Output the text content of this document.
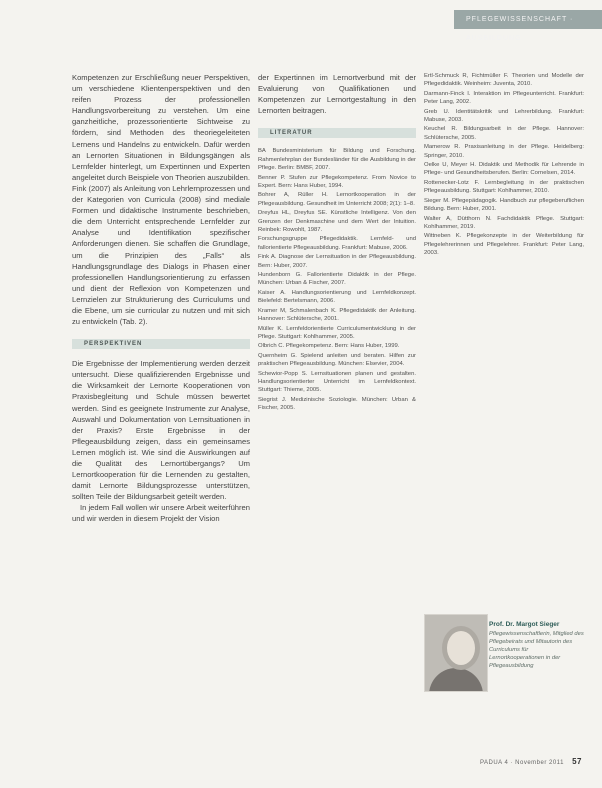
PFLEGEWISSENSCHAFT · AUSBILDUNG

Kompetenzen zur Erschließung neuer Perspektiven, um verschiedene Klientenperspektiven und den reifen Prozess der professionellen Handlungsvorbereitung zu verstehen. Um eine ganzheitliche, prozessorientierte Sichtweise zu fördern, sind Methoden des theoriegeleiteten Lernens und Handelns zu entwickeln. Dafür werden an Lernorten Situationen in Bildungsgängen als Lernfelder hinterlegt, um Expertinnen und Experten angeleitet durch Beispiele von Theorien auszubilden. Fink (2007) als Anleitung von Lehrlernprozessen und der Kategorien von Curricula (2008) sind mediale Formen und didaktische Instrumente beschrieben, die dem Unterricht entsprechende Lernfelder zur Analyse und Identifikation spezifischer Anforderungen dienen. Sie schaffen die Grundlage, um die Prinzipien des „Falls“ als Handlungsgrundlage des Dialogs in Phasen einer professionellen Handlungsorientierung zu erfassen und dient der Reflexion von Kompetenzen und Lernzielen zur Strukturierung des Curriculums und die Ebene, um sie curricular zu nutzen und mit sich zu entwickeln (Tab. 2).

PERSPEKTIVEN

Die Ergebnisse der Implementierung werden derzeit untersucht. Diese qualifizierenden Ergebnisse und die Wirksamkeit der Lernorte Kooperationen von Praxisbegleitung und Schule müssen bewertet werden. Sind es geeignete Instrumente zur Analyse, Auswahl und Dokumentation von Lernsituationen in der Praxis? Erste Ergebnisse in der Pflegeausbildung zeigen, dass ein gemeinsames Lernen möglich ist. Wie sind die Auswirkungen auf die Qualität des Lernortübergangs? Um Lernortkooperation für die Lernenden zu gestalten, damit Lernorte Bildungsprozesse unterstützen, sollten Teile der Bildungsarbeit geteilt werden.

In jedem Fall wollen wir unsere Arbeit weiterführen und wir werden in diesem Projekt der Vision

der Expertinnen im Lernortverbund mit der Evaluierung von Qualifikationen und Kompetenzen zur Lernortgestaltung in den Lernorten beitragen.

LITERATUR

BA Bundesministerium für Bildung und Forschung. Rahmenlehrplan der Bundesländer für die Ausbildung in der Pflege. Berlin: BMBF, 2007.

Benner P. Stufen zur Pflegekompetenz. From Novice to Expert. Bern: Hans Huber, 1994.

Bohrer A, Rüller H. Lernortkooperation in der Pflegeausbildung. Gesundheit im Unterricht 2008; 2(1): 1–8.

Dreyfus HL, Dreyfus SE. Künstliche Intelligenz. Von den Grenzen der Denkmaschine und dem Wert der Intuition. Reinbek: Rowohlt, 1987.

Forschungsgruppe Pflegedidaktik. Lernfeld- und fallorientierte Pflegeausbildung. Frankfurt: Mabuse, 2006.

Fink A. Diagnose der Lernsituation in der Pflegeausbildung. Bern: Huber, 2007.

Hundenborn G. Fallorientierte Didaktik in der Pflege. München: Urban & Fischer, 2007.

Kaiser A. Handlungsorientierung und Lernfeldkonzept. Bielefeld: Bertelsmann, 2006.

Kramer M, Schmalenbach K. Pflegedidaktik der Anleitung. Hannover: Schlütersche, 2001.

Müller K. Lernfeldorientierte Curriculumentwicklung in der Pflege. Stuttgart: Kohlhammer, 2005.

Olbrich C. Pflegekompetenz. Bern: Hans Huber, 1999.

Quernheim G. Spielend anleiten und beraten. Hilfen zur praktischen Pflegeausbildung. München: Elsevier, 2004.

Schewior-Popp S. Lernsituationen planen und gestalten. Handlungsorientierter Unterricht im Lernfeldkontext. Stuttgart: Thieme, 2005.

Siegrist J. Medizinische Soziologie. München: Urban & Fischer, 2005.

Ertl-Schmuck R, Fichtmüller F. Theorien und Modelle der Pflegedidaktik. Weinheim: Juventa, 2010.

Darmann-Finck I. Interaktion im Pflegeunterricht. Frankfurt: Peter Lang, 2002.

Greb U. Identitätskritik und Lehrerbildung. Frankfurt: Mabuse, 2003.

Keuchel R. Bildungsarbeit in der Pflege. Hannover: Schlütersche, 2005.

Mamerow R. Praxisanleitung in der Pflege. Heidelberg: Springer, 2010.

Oelke U, Meyer H. Didaktik und Methodik für Lehrende in Pflege- und Gesundheitsberufen. Berlin: Cornelsen, 2014.

Rottenecker-Lotz F. Lernbegleitung in der praktischen Pflegeausbildung. Stuttgart: Kohlhammer, 2010.

Sieger M. Pflegepädagogik. Handbuch zur pflegeberuflichen Bildung. Bern: Huber, 2001.

Walter A, Dütthorn N. Fachdidaktik Pflege. Stuttgart: Kohlhammer, 2019.

Wittneben K. Pflegekonzepte in der Weiterbildung für Pflegelehrerinnen und Pflegelehrer. Frankfurt: Peter Lang, 2003.

Prof. Dr. Margot Sieger
Pflegewissenschaftlerin, Mitglied des Pflegebeirats und Mitautorin des Curriculums für Lernortkooperationen in der Pflegeausbildung
PADUA 4 · November 2011 57
